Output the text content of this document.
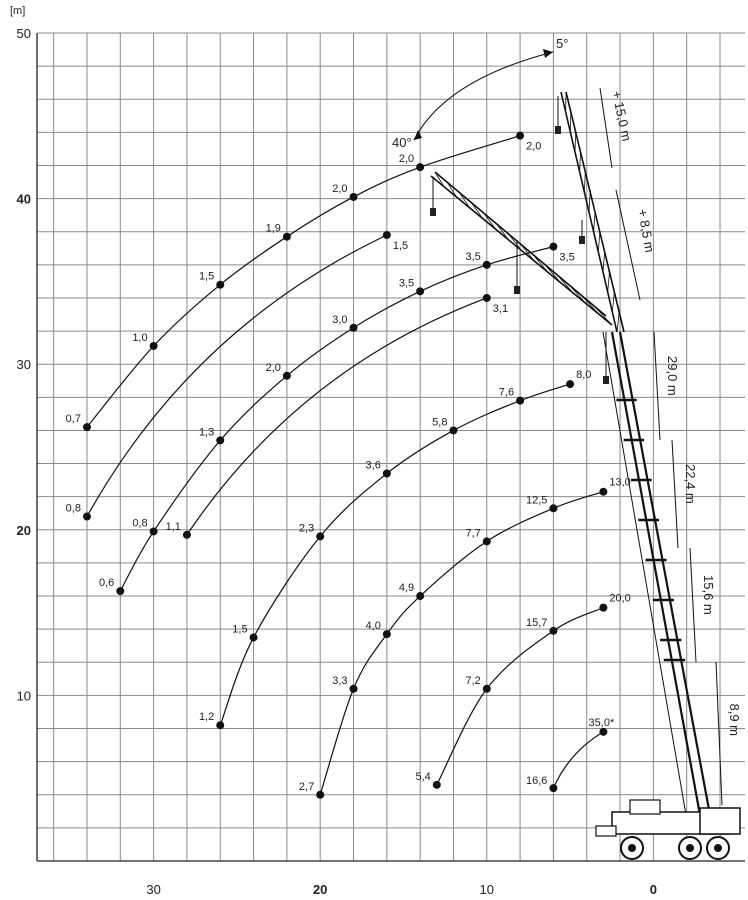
50
40
30
20
10
30	20	10	0
[m]
35,0*
16,6
20,0
15,7
7,2
5,4
13,0
12,5
7,7
4,9
4,0
3,3
2,7
8,0
7,6
5,8
3,6
2,3
1,5
1,2
3,1
1,1
3,5
3,5
3,5
3,0
2,0
1,3
0,8
0,6
1,5
0,8
2,0
2,0
2,0
1,9
1,5
1,0
0,7
40°
5°
8,9 m
15,6 m
22,4 m
29,0 m
+ 8,5 m
+ 15,0 m
